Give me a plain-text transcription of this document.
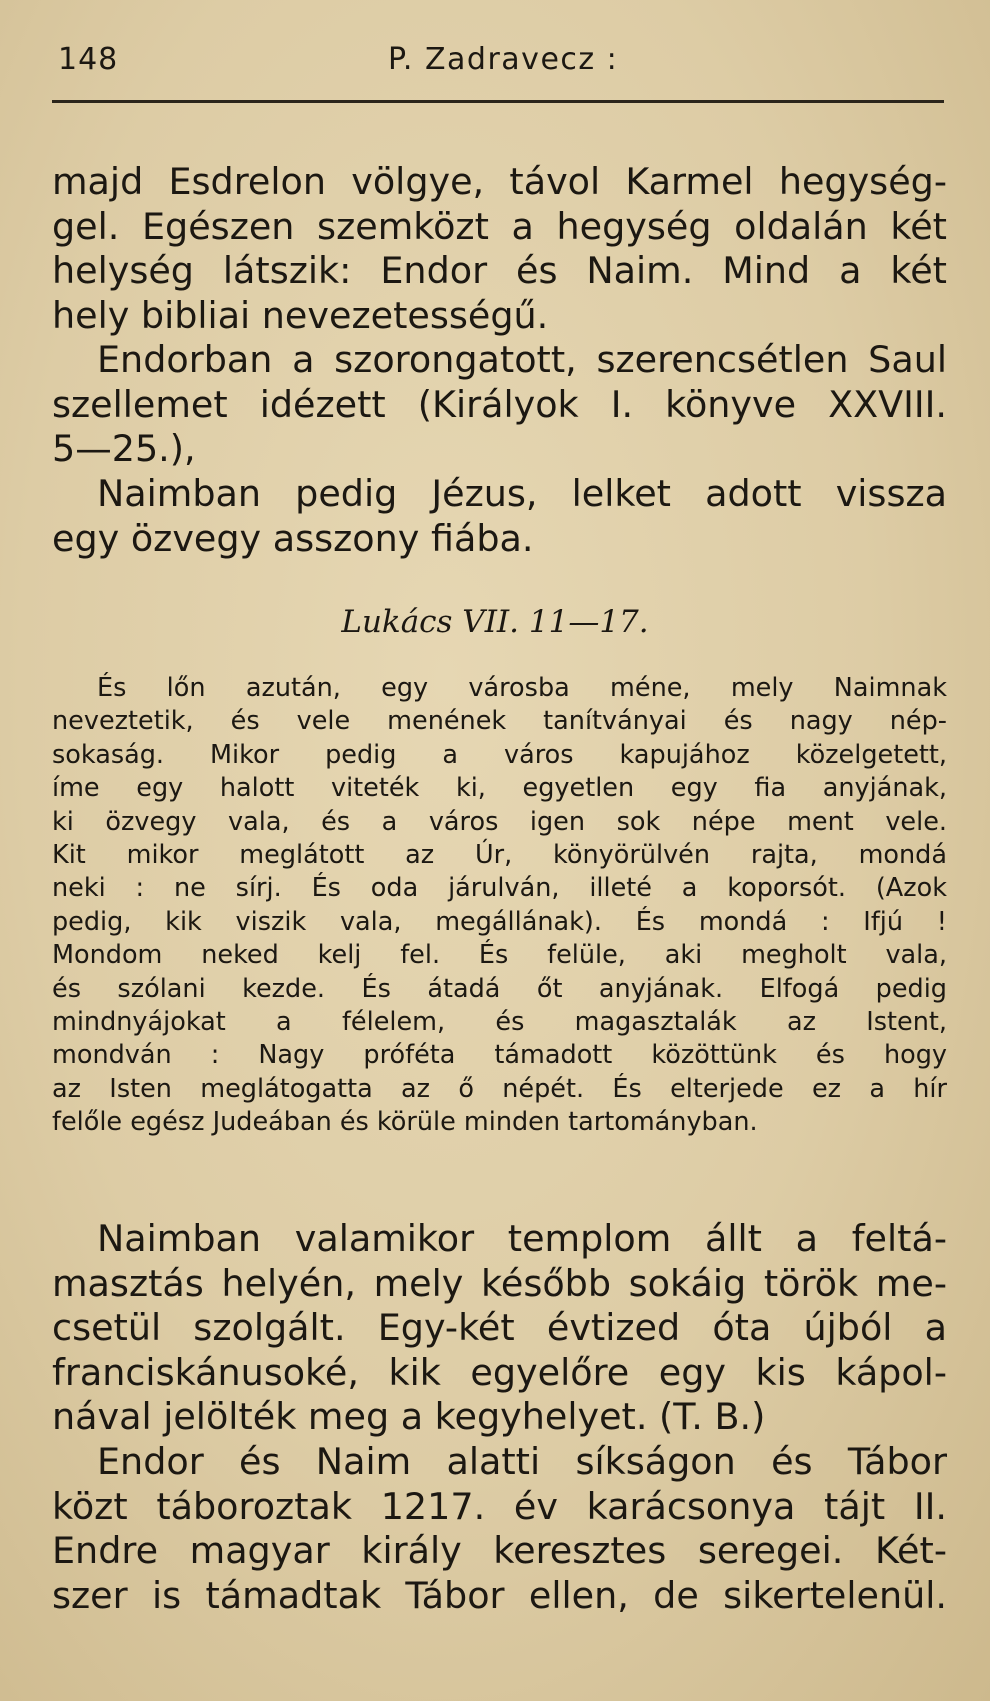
148	P. Zadravecz :

majd Esdrelon völgye, távol Karmel hegység-
gel. Egészen szemközt a hegység oldalán két
helység látszik: Endor és Naim. Mind a két
hely bibliai nevezetességű.

Endorban a szorongatott, szerencsétlen Saul
szellemet idézett (Királyok I. könyve XXVIII.
5—25.),

Naimban pedig Jézus, lelket adott vissza
egy özvegy asszony fiába.

Lukács VII. 11—17.

És lőn azután, egy városba méne, mely Naimnak
neveztetik, és vele menének tanítványai és nagy nép-
sokaság. Mikor pedig a város kapujához közelgetett,
íme egy halott viteték ki, egyetlen egy fia anyjának,
ki özvegy vala, és a város igen sok népe ment vele.
Kit mikor meglátott az Úr, könyörülvén rajta, mondá
neki : ne sírj. És oda járulván, illeté a koporsót. (Azok
pedig, kik viszik vala, megállának). És mondá : Ifjú !
Mondom neked kelj fel. És felüle, aki megholt vala,
és szólani kezde. És átadá őt anyjának. Elfogá pedig
mindnyájokat a félelem, és magasztalák az Istent,
mondván : Nagy próféta támadott közöttünk és hogy
az Isten meglátogatta az ő népét. És elterjede ez a hír
felőle egész Judeában és körüle minden tartományban.

Naimban valamikor templom állt a feltá-
masztás helyén, mely később sokáig török me-
csetül szolgált. Egy-két évtized óta újból a
franciskánusoké, kik egyelőre egy kis kápol-
nával jelölték meg a kegyhelyet. (T. B.)

Endor és Naim alatti síkságon és Tábor
közt táboroztak 1217. év karácsonya tájt II.
Endre magyar király keresztes seregei. Két-
szer is támadtak Tábor ellen, de sikertelenül.
